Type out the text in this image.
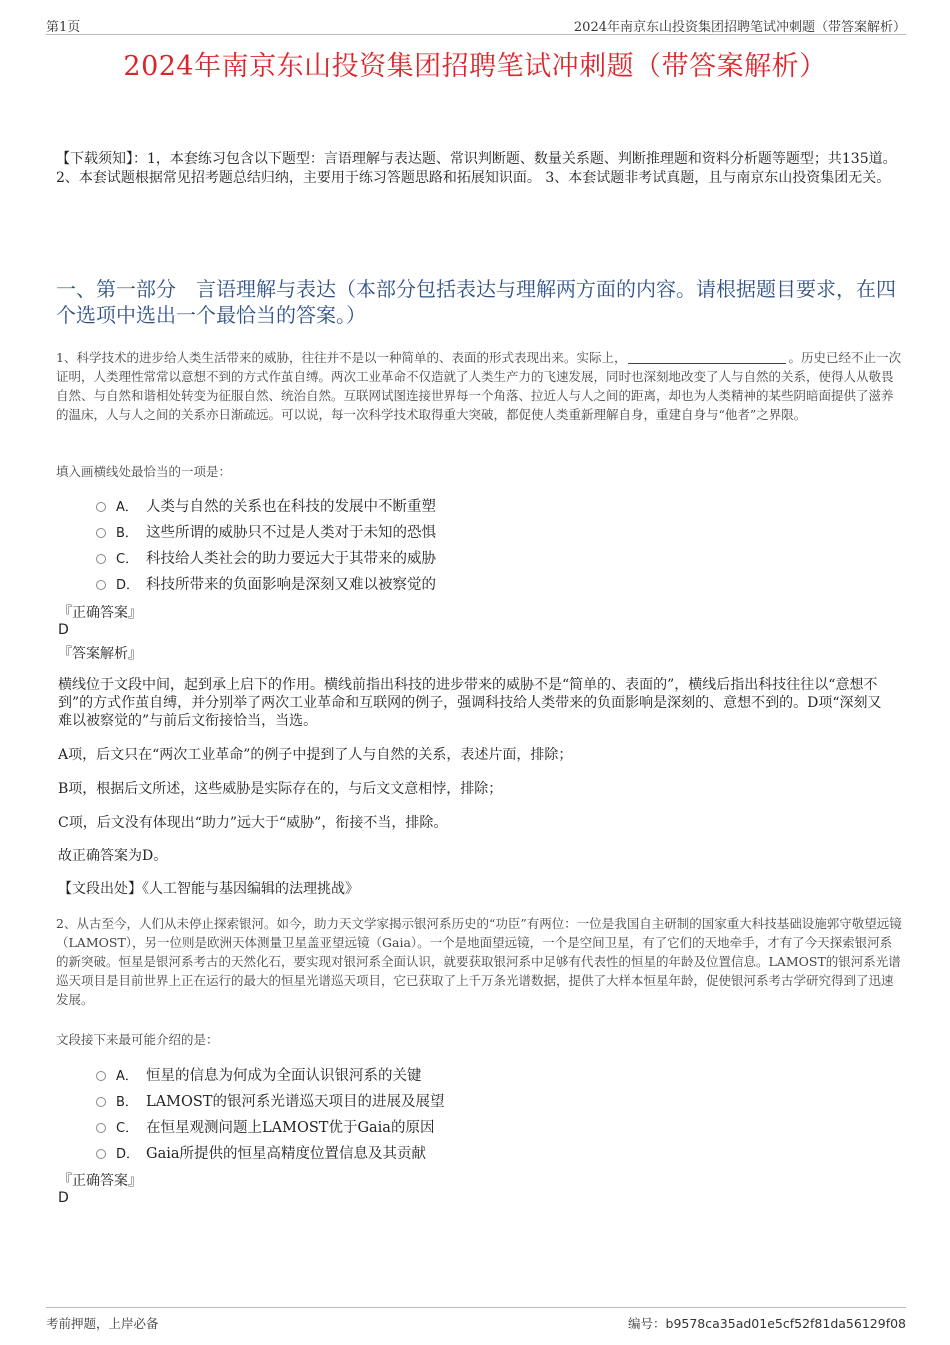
第1页	2024年南京东山投资集团招聘笔试冲刺题（带答案解析）
2024年南京东山投资集团招聘笔试冲刺题（带答案解析）
【下载须知】：1，本套练习包含以下题型：言语理解与表达题、常识判断题、数量关系题、判断推理题和资料分析题等题型；共135道。 2、本套试题根据常见招考题总结归纳，主要用于练习答题思路和拓展知识面。 3、本套试题非考试真题，且与南京东山投资集团无关。
一、第一部分　言语理解与表达（本部分包括表达与理解两方面的内容。请根据题目要求，在四个选项中选出一个最恰当的答案。）
1、科学技术的进步给人类生活带来的威胁，往往并不是以一种简单的、表面的形式表现出来。实际上，	。历史已经不止一次证明，人类理性常常以意想不到的方式作茧自缚。两次工业革命不仅造就了人类生产力的飞速发展，同时也深刻地改变了人与自然的关系，使得人从敬畏自然、与自然和谐相处转变为征服自然、统治自然。互联网试图连接世界每一个角落、拉近人与人之间的距离，却也为人类精神的某些阴暗面提供了滋养的温床，人与人之间的关系亦日渐疏远。可以说，每一次科学技术取得重大突破，都促使人类重新理解自身，重建自身与“他者”之界限。
填入画横线处最恰当的一项是：
A． 人类与自然的关系也在科技的发展中不断重塑
B． 这些所谓的威胁只不过是人类对于未知的恐惧
C． 科技给人类社会的助力要远大于其带来的威胁
D． 科技所带来的负面影响是深刻又难以被察觉的
『正确答案』
D
『答案解析』
横线位于文段中间，起到承上启下的作用。横线前指出科技的进步带来的威胁不是“简单的、表面的”，横线后指出科技往往以“意想不到”的方式作茧自缚，并分别举了两次工业革命和互联网的例子，强调科技给人类带来的负面影响是深刻的、意想不到的。D项“深刻又难以被察觉的”与前后文衔接恰当，当选。
A项，后文只在“两次工业革命”的例子中提到了人与自然的关系，表述片面，排除；
B项，根据后文所述，这些威胁是实际存在的，与后文文意相悖，排除；
C项，后文没有体现出“助力”远大于“威胁”，衔接不当，排除。
故正确答案为D。
【文段出处】《人工智能与基因编辑的法理挑战》
2、从古至今，人们从未停止探索银河。如今，助力天文学家揭示银河系历史的“功臣”有两位：一位是我国自主研制的国家重大科技基础设施郭守敬望远镜（LAMOST），另一位则是欧洲天体测量卫星盖亚望远镜（Gaia）。一个是地面望远镜，一个是空间卫星，有了它们的天地牵手，才有了今天探索银河系的新突破。恒星是银河系考古的天然化石，要实现对银河系全面认识，就要获取银河系中足够有代表性的恒星的年龄及位置信息。LAMOST的银河系光谱巡天项目是目前世界上正在运行的最大的恒星光谱巡天项目，它已获取了上千万条光谱数据，提供了大样本恒星年龄，促使银河系考古学研究得到了迅速发展。
文段接下来最可能介绍的是：
A． 恒星的信息为何成为全面认识银河系的关键
B． LAMOST的银河系光谱巡天项目的进展及展望
C． 在恒星观测问题上LAMOST优于Gaia的原因
D． Gaia所提供的恒星高精度位置信息及其贡献
『正确答案』
D
考前押题，上岸必备	编号：b9578ca35ad01e5cf52f81da56129f08
